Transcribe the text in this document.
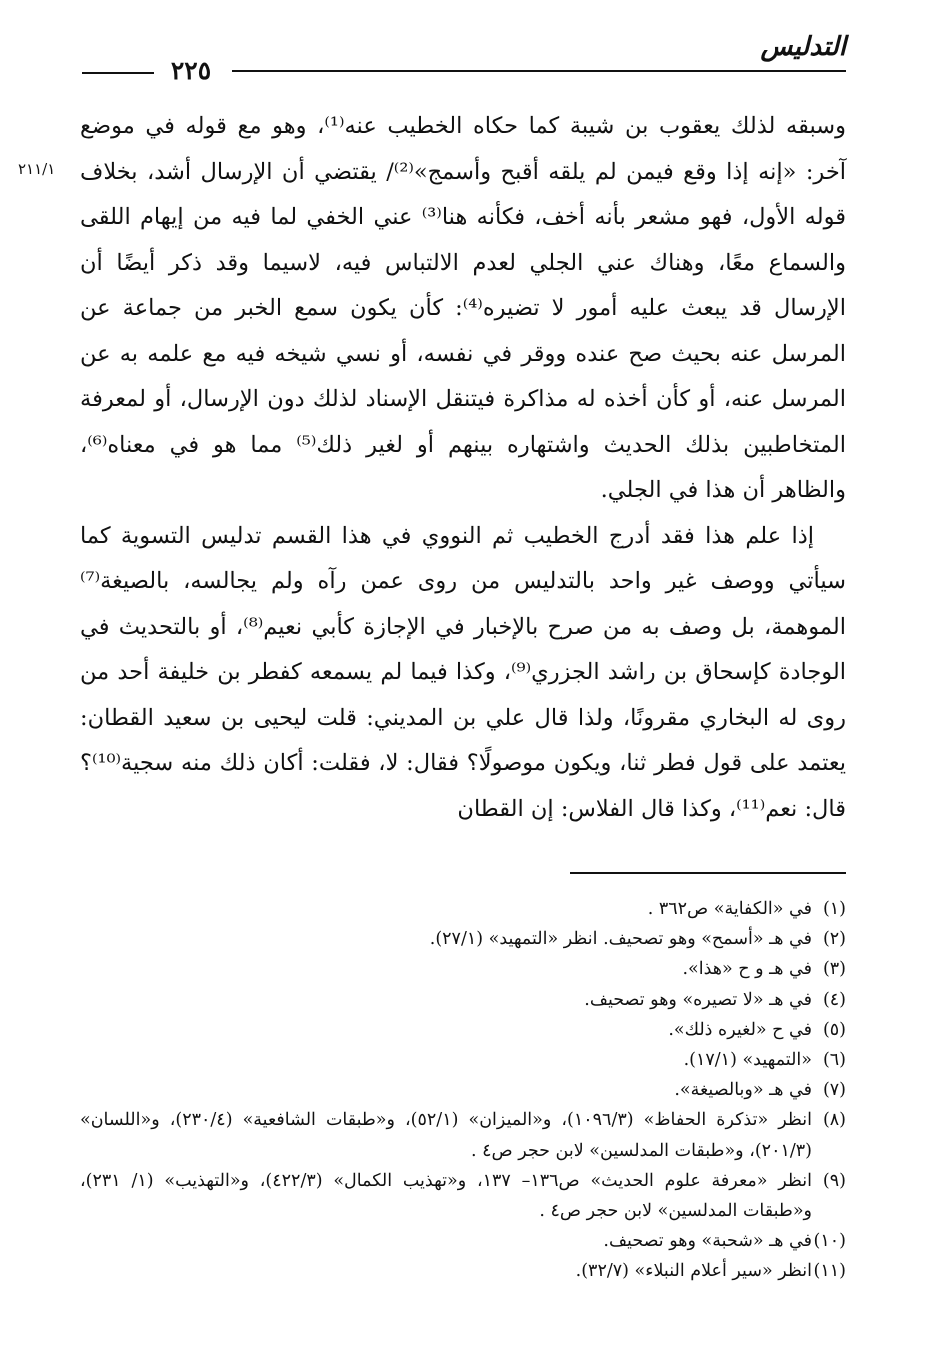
التدليس
٢٢٥
٢١١/١

وسبقه لذلك يعقوب بن شيبة كما حكاه الخطيب عنه⁽¹⁾، وهو مع قوله في موضع آخر: «إنه إذا وقع فيمن لم يلقه أقبح وأسمج»⁽²⁾/ يقتضي أن الإرسال أشد، بخلاف قوله الأول، فهو مشعر بأنه أخف، فكأنه هنا⁽³⁾ عني الخفي لما فيه من إيهام اللقى والسماع معًا، وهناك عني الجلي لعدم الالتباس فيه، لاسيما وقد ذكر أيضًا أن الإرسال قد يبعث عليه أمور لا تضيره⁽⁴⁾: كأن يكون سمع الخبر من جماعة عن المرسل عنه بحيث صح عنده ووقر في نفسه، أو نسي شيخه فيه مع علمه به عن المرسل عنه، أو كأن أخذه له مذاكرة فيتنقل الإسناد لذلك دون الإرسال، أو لمعرفة المتخاطبين بذلك الحديث واشتهاره بينهم أو لغير ذلك⁽⁵⁾ مما هو في معناه⁽⁶⁾، والظاهر أن هذا في الجلي.

إذا علم هذا فقد أدرج الخطيب ثم النووي في هذا القسم تدليس التسوية كما سيأتي ووصف غير واحد بالتدليس من روى عمن رآه ولم يجالسه، بالصيغة⁽⁷⁾ الموهمة، بل وصف به من صرح بالإخبار في الإجازة كأبي نعيم⁽⁸⁾، أو بالتحديث في الوجادة كإسحاق بن راشد الجزري⁽⁹⁾، وكذا فيما لم يسمعه كفطر بن خليفة أحد من روى له البخاري مقرونًا، ولذا قال علي بن المديني: قلت ليحيى بن سعيد القطان: يعتمد على قول فطر ثنا، ويكون موصولًا؟ فقال: لا، فقلت: أكان ذلك منه سجية⁽¹⁰⁾؟ قال: نعم⁽¹¹⁾، وكذا قال الفلاس: إن القطان

(١)في «الكفاية» ص٣٦٢ .

(٢)في هـ «أسمح» وهو تصحيف. انظر «التمهيد» (٢٧/١).

(٣)في هـ و ح «هذا».

(٤)في هـ «لا تصيره» وهو تصحيف.

(٥)في ح «لغيره ذلك».

(٦)«التمهيد» (١٧/١).

(٧)في هـ «وبالصيغة».

(٨)انظر «تذكرة الحفاظ» (١٠٩٦/٣)، و«الميزان» (٥٢/١)، و«طبقات الشافعية» (٢٣٠/٤)، و«اللسان» (٢٠١/٣)، و«طبقات المدلسين» لابن حجر ص٤ .

(٩)انظر «معرفة علوم الحديث» ص١٣٦– ١٣٧، و«تهذيب الكمال» (٤٢٢/٣)، و«التهذيب» (١/ ٢٣١)، و«طبقات المدلسين» لابن حجر ص٤ .

(١٠)في هـ «شحبة» وهو تصحيف.

(١١)انظر «سير أعلام النبلاء» (٣٢/٧).
